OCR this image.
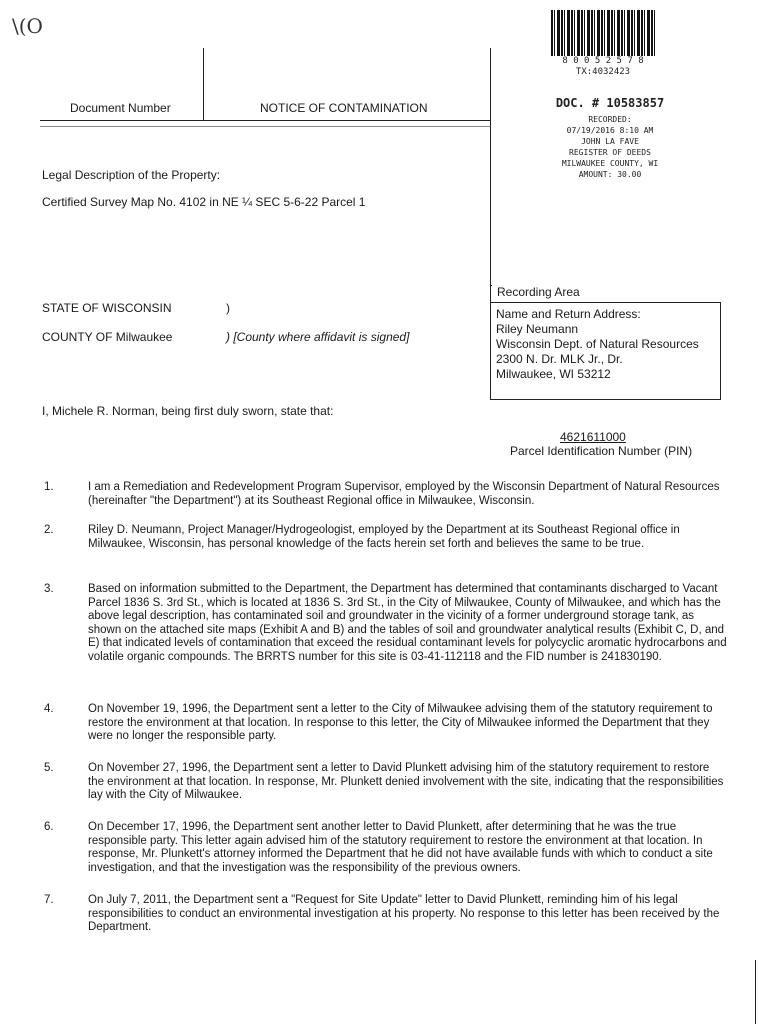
\(O
8 0 0 5 2 5 7 8
TX:4032423
Document Number	NOTICE OF CONTAMINATION	DOC. # 10583857
RECORDED:
07/19/2016 8:10 AM
JOHN LA FAVE
REGISTER OF DEEDS
MILWAUKEE COUNTY, WI
AMOUNT: 30.00
Legal Description of the Property:
Certified Survey Map No. 4102 in NE ¼ SEC 5-6-22 Parcel 1
Recording Area
Name and Return Address:
Riley Neumann
Wisconsin Dept. of Natural Resources
2300 N. Dr. MLK Jr., Dr.
Milwaukee, WI 53212
STATE OF WISCONSIN	)
COUNTY OF Milwaukee	) [County where affidavit is signed]
I, Michele R. Norman, being first duly sworn, state that:
4621611000
Parcel Identification Number (PIN)
1.	I am a Remediation and Redevelopment Program Supervisor, employed by the Wisconsin Department of Natural Resources (hereinafter "the Department") at its Southeast Regional office in Milwaukee, Wisconsin.
2.	Riley D. Neumann, Project Manager/Hydrogeologist, employed by the Department at its Southeast Regional office in Milwaukee, Wisconsin, has personal knowledge of the facts herein set forth and believes the same to be true.
3.	Based on information submitted to the Department, the Department has determined that contaminants discharged to Vacant Parcel 1836 S. 3rd St., which is located at 1836 S. 3rd St., in the City of Milwaukee, County of Milwaukee, and which has the above legal description, has contaminated soil and groundwater in the vicinity of a former underground storage tank, as shown on the attached site maps (Exhibit A and B) and the tables of soil and groundwater analytical results (Exhibit C, D, and E) that indicated levels of contamination that exceed the residual contaminant levels for polycyclic aromatic hydrocarbons and volatile organic compounds. The BRRTS number for this site is 03-41-112118 and the FID number is 241830190.
4.	On November 19, 1996, the Department sent a letter to the City of Milwaukee advising them of the statutory requirement to restore the environment at that location. In response to this letter, the City of Milwaukee informed the Department that they were no longer the responsible party.
5.	On November 27, 1996, the Department sent a letter to David Plunkett advising him of the statutory requirement to restore the environment at that location. In response, Mr. Plunkett denied involvement with the site, indicating that the responsibilities lay with the City of Milwaukee.
6.	On December 17, 1996, the Department sent another letter to David Plunkett, after determining that he was the true responsible party. This letter again advised him of the statutory requirement to restore the environment at that location. In response, Mr. Plunkett's attorney informed the Department that he did not have available funds with which to conduct a site investigation, and that the investigation was the responsibility of the previous owners.
7.	On July 7, 2011, the Department sent a "Request for Site Update" letter to David Plunkett, reminding him of his legal responsibilities to conduct an environmental investigation at his property. No response to this letter has been received by the Department.
